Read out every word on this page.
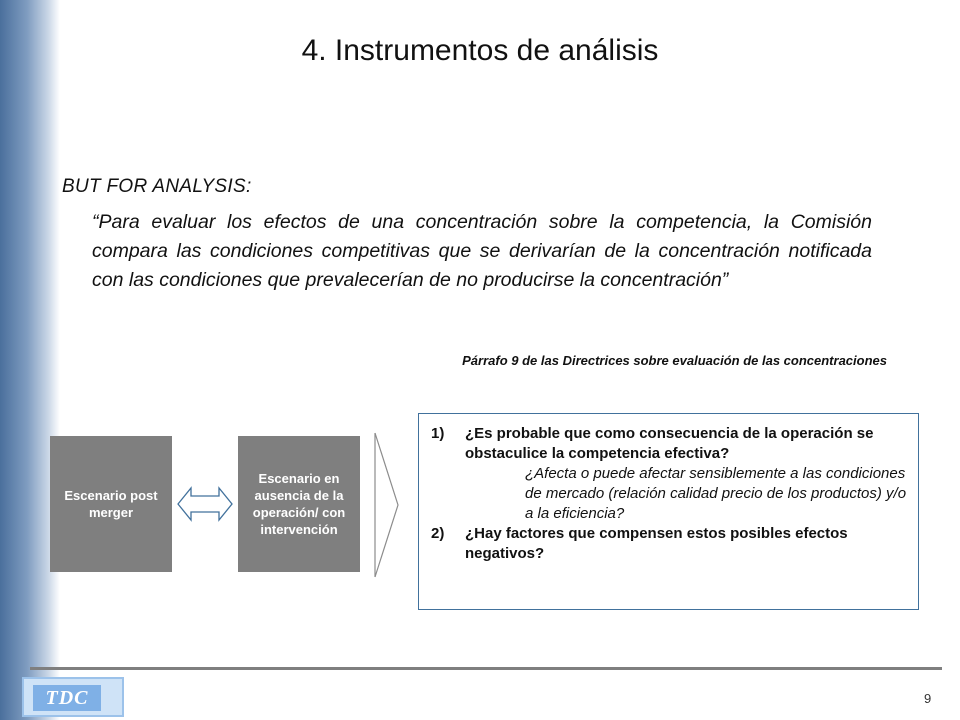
4. Instrumentos de análisis
BUT FOR ANALYSIS:
“Para evaluar los efectos de una concentración sobre la competencia, la Comisión compara las condiciones competitivas que se derivarían de la concentración notificada con las condiciones que prevalecerían de no producirse la concentración”
Párrafo 9 de las Directrices sobre evaluación de las concentraciones
Escenario post merger
Escenario en ausencia de la operación/ con intervención
1)	¿Es probable que como consecuencia de la operación se obstaculice la competencia efectiva?
¿Afecta o puede afectar sensiblemente a las condiciones de mercado (relación calidad precio de los productos) y/o a la eficiencia?
2)	¿Hay factores que compensen estos posibles efectos negativos?
TDC	9
